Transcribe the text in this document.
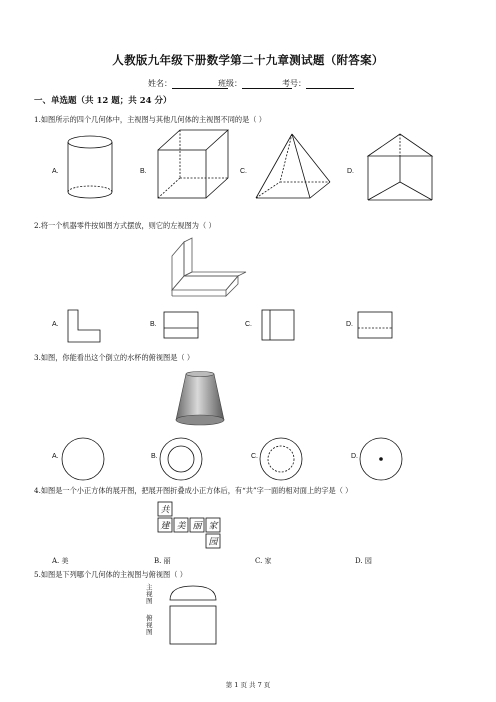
人教版九年级下册数学第二十九章测试题（附答案）
姓名：	班级：	考号：
一、单选题（共 12 题；共 24 分）
1.如图所示的四个几何体中，主视图与其他几何体的主视图不同的是（ ）
A.	B.	C.	D.
2.将一个机器零件按如图方式摆放，则它的左视图为（ ）
A.	B.	C.	D.
3.如图，你能看出这个倒立的水杯的俯视图是（ ）
A.	B.	C.	D.
4.如图是一个小正方体的展开图，把展开图折叠成小正方体后，有“共”字一面的相对面上的字是（ ）
共
建 美 丽 家
园
A. 美	B. 丽	C. 家	D. 园
5.如图是下列哪个几何体的主视图与俯视图（ ）
主视图
俯视图
第 1 页 共 7 页
